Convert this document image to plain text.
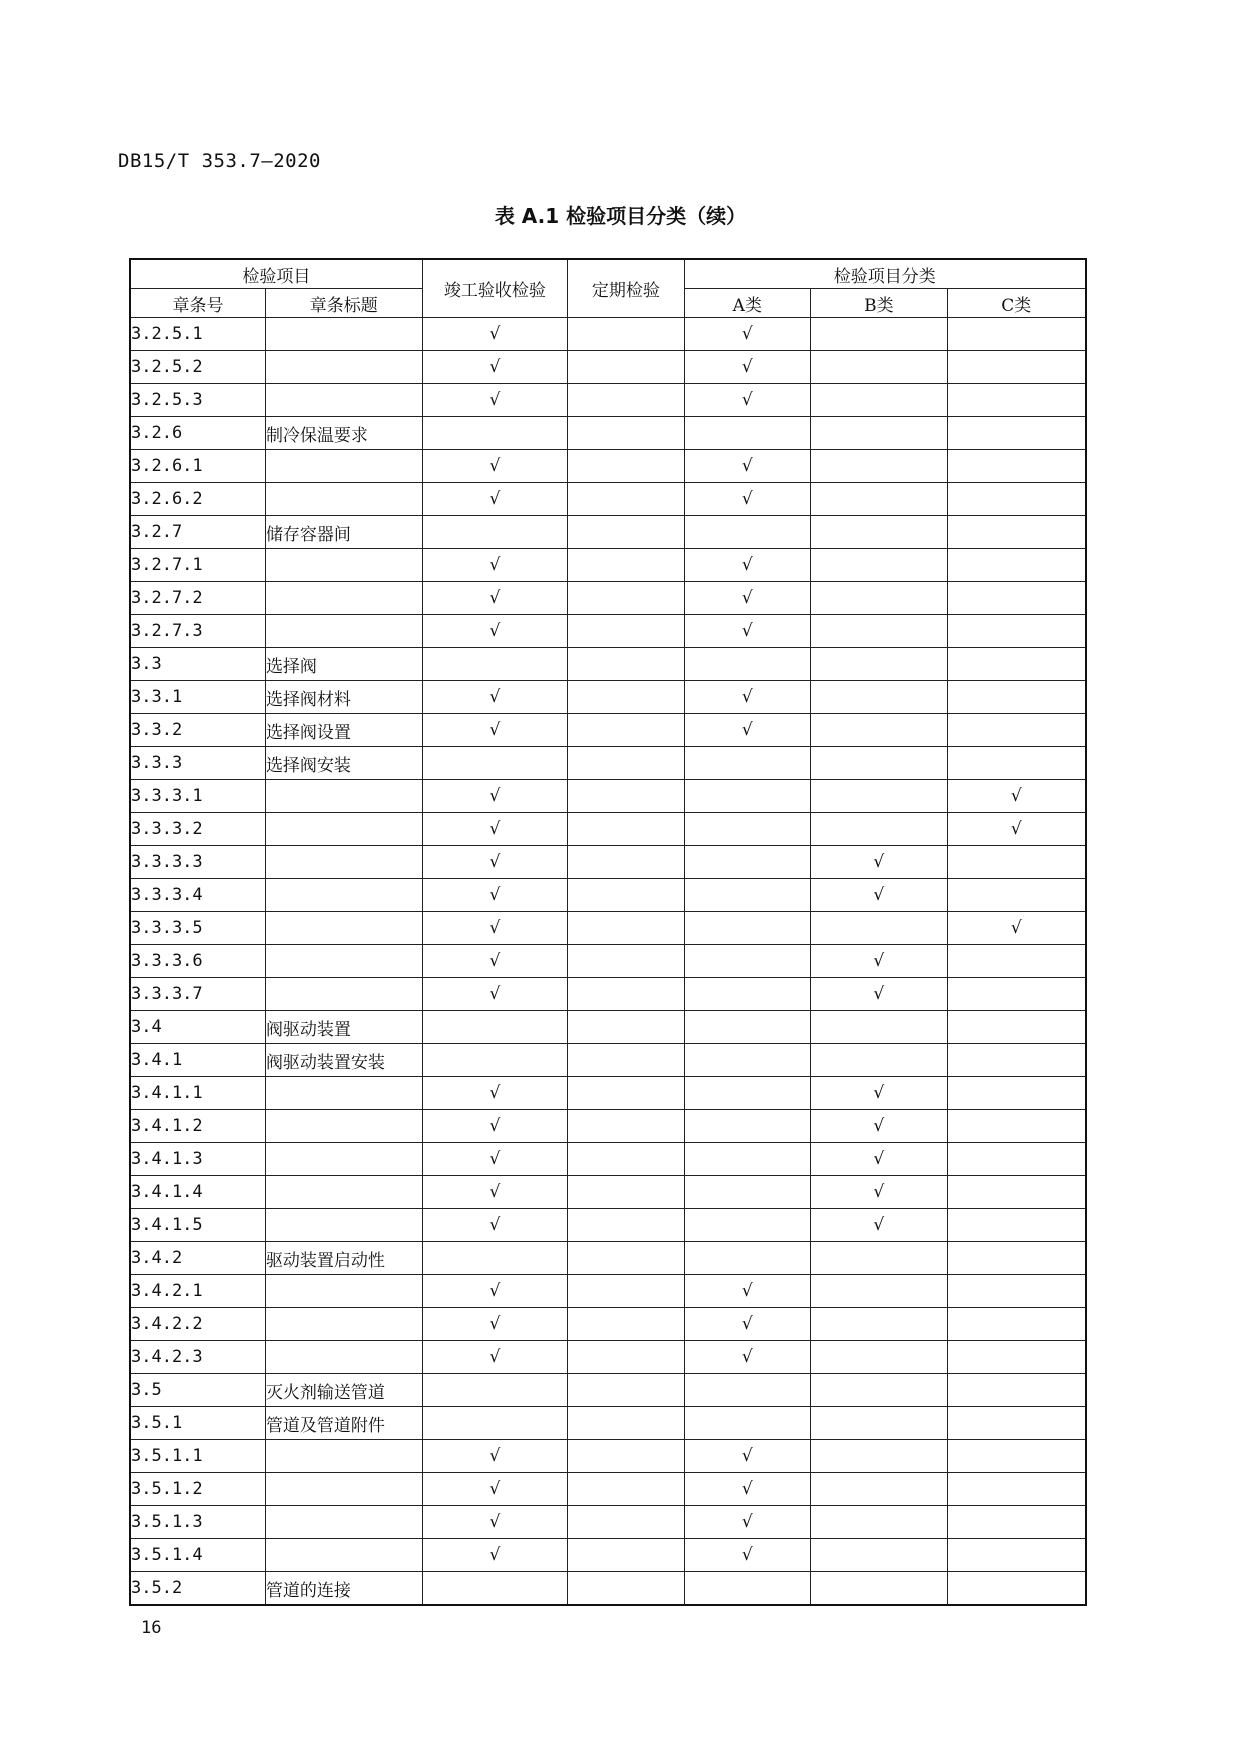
DB15/T 353.7—2020
表 A.1 检验项目分类（续）
检验项目		竣工验收检验	定期检验	检验项目分类		
章条号	章条标题			A类	B类	C类
3.2.5.1		√		√		
3.2.5.2		√		√		
3.2.5.3		√		√		
3.2.6	制冷保温要求					
3.2.6.1		√		√		
3.2.6.2		√		√		
3.2.7	储存容器间					
3.2.7.1		√		√		
3.2.7.2		√		√		
3.2.7.3		√		√		
3.3	选择阀					
3.3.1	选择阀材料	√		√		
3.3.2	选择阀设置	√		√		
3.3.3	选择阀安装					
3.3.3.1		√				√
3.3.3.2		√				√
3.3.3.3		√			√	
3.3.3.4		√			√	
3.3.3.5		√				√
3.3.3.6		√			√	
3.3.3.7		√			√	
3.4	阀驱动装置					
3.4.1	阀驱动装置安装					
3.4.1.1		√			√	
3.4.1.2		√			√	
3.4.1.3		√			√	
3.4.1.4		√			√	
3.4.1.5		√			√	
3.4.2	驱动装置启动性					
3.4.2.1		√		√		
3.4.2.2		√		√		
3.4.2.3		√		√		
3.5	灭火剂输送管道					
3.5.1	管道及管道附件					
3.5.1.1		√		√		
3.5.1.2		√		√		
3.5.1.3		√		√		
3.5.1.4		√		√		
3.5.2	管道的连接					
16
